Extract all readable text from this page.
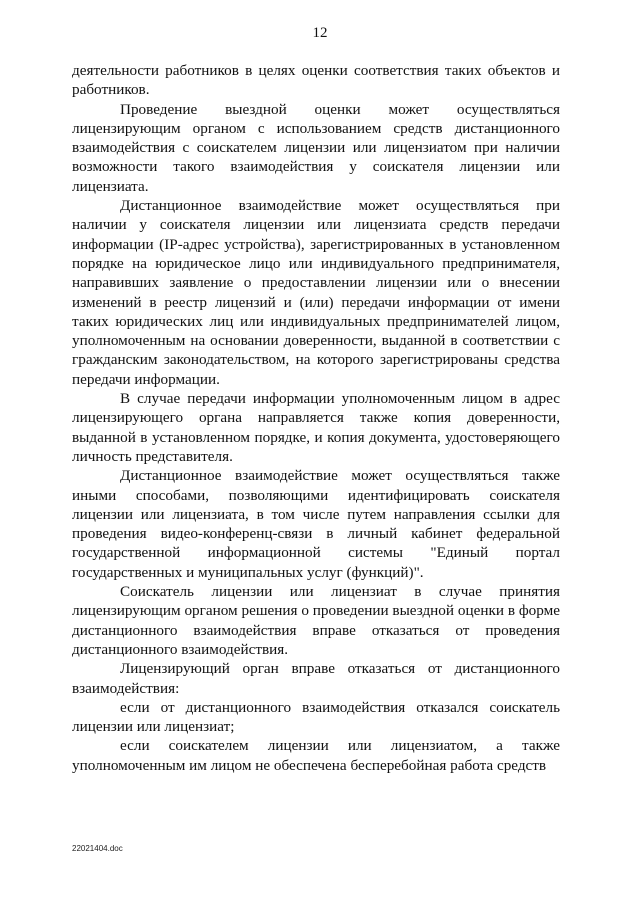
12

деятельности работников в целях оценки соответствия таких объектов и работников.

Проведение выездной оценки может осуществляться лицензирующим органом с использованием средств дистанционного взаимодействия с соискателем лицензии или лицензиатом при наличии возможности такого взаимодействия у соискателя лицензии или лицензиата.

Дистанционное взаимодействие может осуществляться при наличии у соискателя лицензии или лицензиата средств передачи информации (IP-адрес устройства), зарегистрированных в установленном порядке на юридическое лицо или индивидуального предпринимателя, направивших заявление о предоставлении лицензии или о внесении изменений в реестр лицензий и (или) передачи информации от имени таких юридических лиц или индивидуальных предпринимателей лицом, уполномоченным на основании доверенности, выданной в соответствии с гражданским законодательством, на которого зарегистрированы средства передачи информации.

В случае передачи информации уполномоченным лицом в адрес лицензирующего органа направляется также копия доверенности, выданной в установленном порядке, и копия документа, удостоверяющего личность представителя.

Дистанционное взаимодействие может осуществляться также иными способами, позволяющими идентифицировать соискателя лицензии или лицензиата, в том числе путем направления ссылки для проведения видео-конференц-связи в личный кабинет федеральной государственной информационной системы "Единый портал государственных и муниципальных услуг (функций)".

Соискатель лицензии или лицензиат в случае принятия лицензирующим органом решения о проведении выездной оценки в форме дистанционного взаимодействия вправе отказаться от проведения дистанционного взаимодействия.

Лицензирующий орган вправе отказаться от дистанционного взаимодействия:

если от дистанционного взаимодействия отказался соискатель лицензии или лицензиат;

если соискателем лицензии или лицензиатом, а также уполномоченным им лицом не обеспечена бесперебойная работа средств

22021404.doc
